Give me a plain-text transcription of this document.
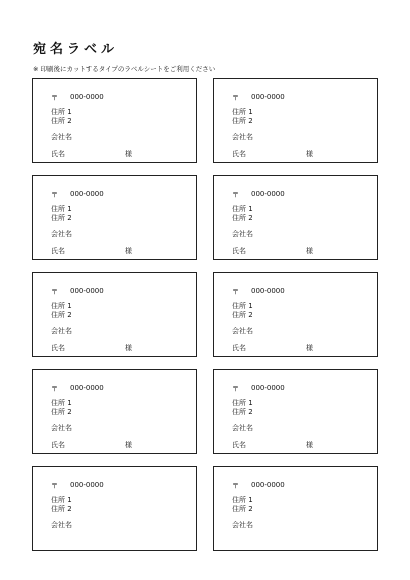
宛名ラベル
※ 印刷後にカットするタイプのラベルシートをご利用ください
〒 000-0000
住所 1
住所 2
会社名
氏名	様
〒 000-0000
住所 1
住所 2
会社名
氏名	様
〒 000-0000
住所 1
住所 2
会社名
氏名	様
〒 000-0000
住所 1
住所 2
会社名
氏名	様
〒 000-0000
住所 1
住所 2
会社名
氏名	様
〒 000-0000
住所 1
住所 2
会社名
氏名	様
〒 000-0000
住所 1
住所 2
会社名
氏名	様
〒 000-0000
住所 1
住所 2
会社名
氏名	様
〒 000-0000
住所 1
住所 2
会社名
〒 000-0000
住所 1
住所 2
会社名
